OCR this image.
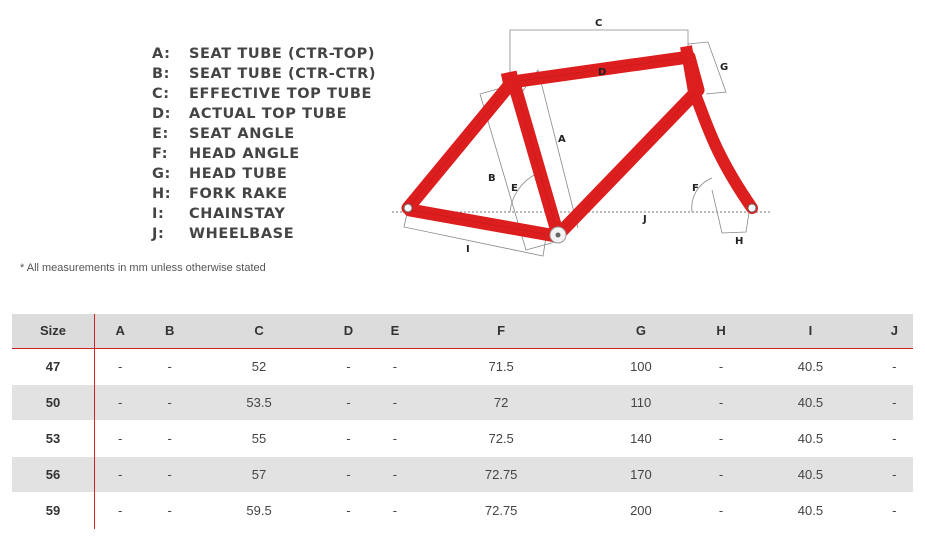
A: SEAT TUBE (CTR-TOP)
B: SEAT TUBE (CTR-CTR)
C: EFFECTIVE TOP TUBE
D: ACTUAL TOP TUBE
E: SEAT ANGLE
F: HEAD ANGLE
G: HEAD TUBE
H: FORK RAKE
I: CHAINSTAY
J: WHEELBASE
* All measurements in mm unless otherwise stated
C
D	G
A
B
E	F
J
I
H
Size	A	B	C	D	E	F	G	H	I	J
47	-	-	52	-	-	71.5	100	-	40.5	-
50	-	-	53.5	-	-	72	110	-	40.5	-
53	-	-	55	-	-	72.5	140	-	40.5	-
56	-	-	57	-	-	72.75	170	-	40.5	-
59	-	-	59.5	-	-	72.75	200	-	40.5	-
